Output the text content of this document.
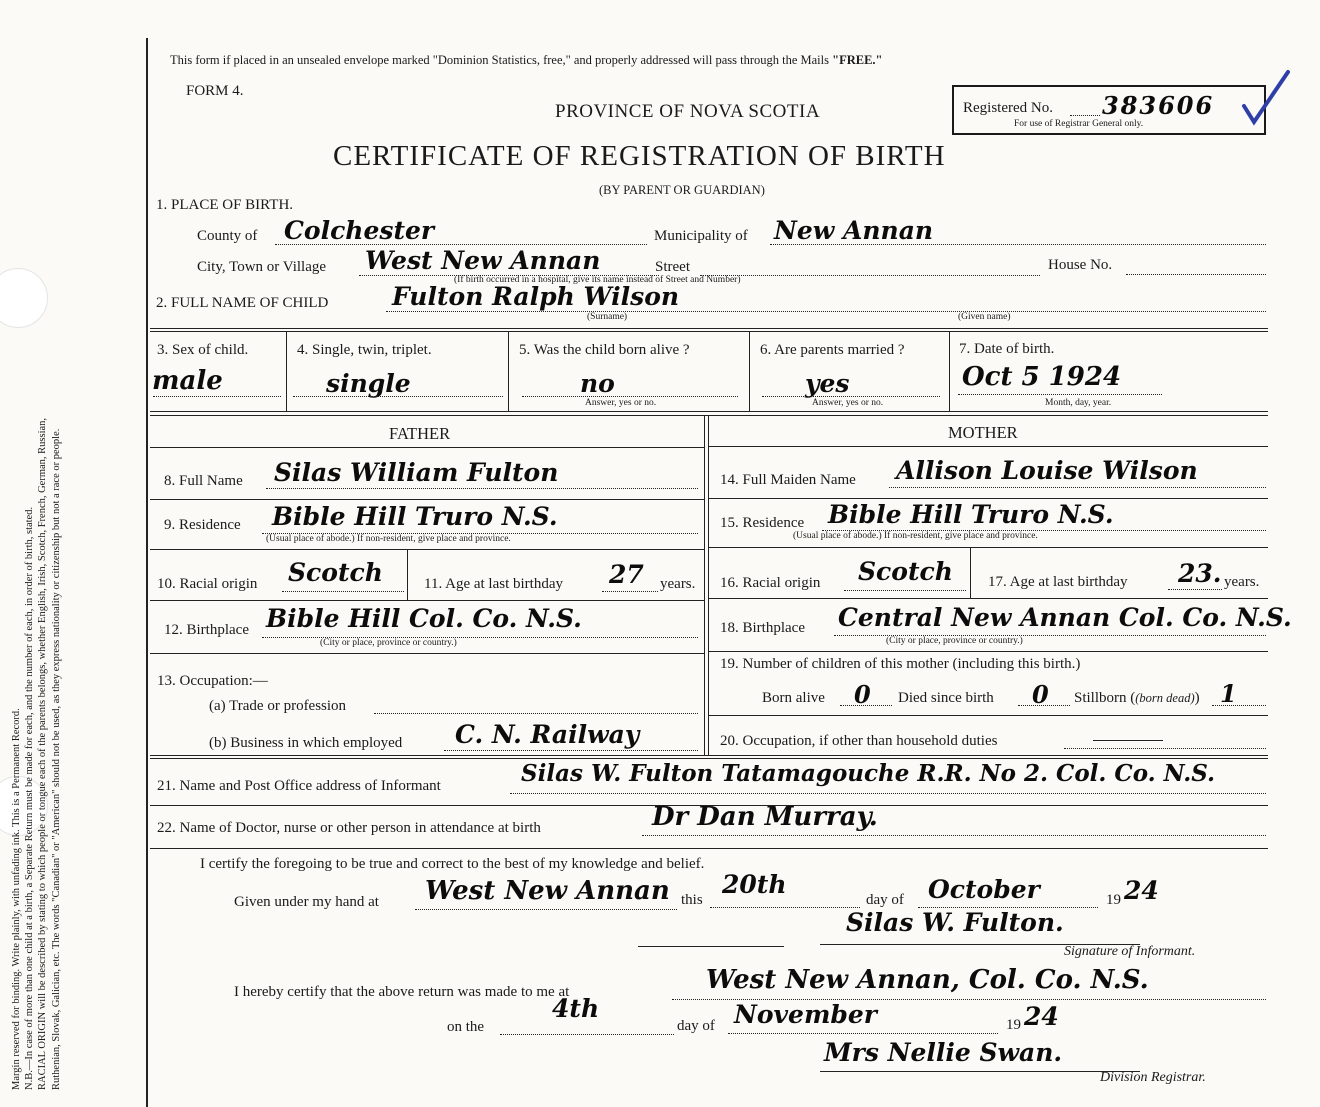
Margin reserved for binding. Write plainly, with unfading ink. This is a Permanent Record. N.B.—In case of more than one child at a birth, a Separate Return must be made for each, and the number of each, in order of birth, stated. RACIAL ORIGIN will be described by stating to which people or tongue each of the parents belongs, whether English, Irish, Scotch, French, German, Russian, Ruthenian, Slovak, Galician, etc. The words "Canadian" or "American" should not be used, as they express nationality or citizenship but not a race or people.
This form if placed in an unsealed envelope marked "Dominion Statistics, free," and properly addressed will pass through the Mails "FREE."
FORM 4.
PROVINCE OF NOVA SCOTIA
CERTIFICATE OF REGISTRATION OF BIRTH
(BY PARENT OR GUARDIAN)
Registered No. 383606
For use of Registrar General only.
1. PLACE OF BIRTH.
County of Colchester	Municipality of New Annan
City, Town or Village West New Annan	Street
(If birth occurred in a hospital, give its name instead of Street and Number)
House No.
2. FULL NAME OF CHILD	Fulton Ralph Wilson
(Surname)	(Given name)
3. Sex of child.
male
4. Single, twin, triplet.
single
5. Was the child born alive ?
no
Answer, yes or no.
6. Are parents married ?
yes
Answer, yes or no.
7. Date of birth.
Oct 5 1924
Month, day, year.
FATHER	MOTHER
8. Full Name Silas William Fulton	14. Full Maiden Name Allison Louise Wilson
9. Residence Bible Hill Truro N.S.
(Usual place of abode.) If non-resident, give place and province.
15. Residence Bible Hill Truro N.S.
(Usual place of abode.) If non-resident, give place and province.
10. Racial origin Scotch	11. Age at last birthday 27 years. 16. Racial origin Scotch 17. Age at last birthday 23. years.
12. Birthplace Bible Hill Col. Co. N.S.
(City or place, province or country.)
18. Birthplace Central New Annan Col. Co. N.S.
(City or place, province or country.)
13. Occupation:—
(a) Trade or profession
(b) Business in which employed C. N. Railway
19. Number of children of this mother (including this birth.)
Born alive 0 Died since birth 0 Stillborn ((born dead)) 1
20. Occupation, if other than household duties
21. Name and Post Office address of Informant	Silas W. Fulton Tatamagouche R.R. No 2. Col. Co. N.S.
22. Name of Doctor, nurse or other person in attendance at birth	Dr Dan Murray.
I certify the foregoing to be true and correct to the best of my knowledge and belief.
Given under my hand at West New Annan this
20th
day of October	19 24
Silas W. Fulton.
Signature of Informant.
I hereby certify that the above return was made to me at	West New Annan, Col. Co. N.S.
on the
4th
day of November	19 24
Mrs Nellie Swan.
Division Registrar.
